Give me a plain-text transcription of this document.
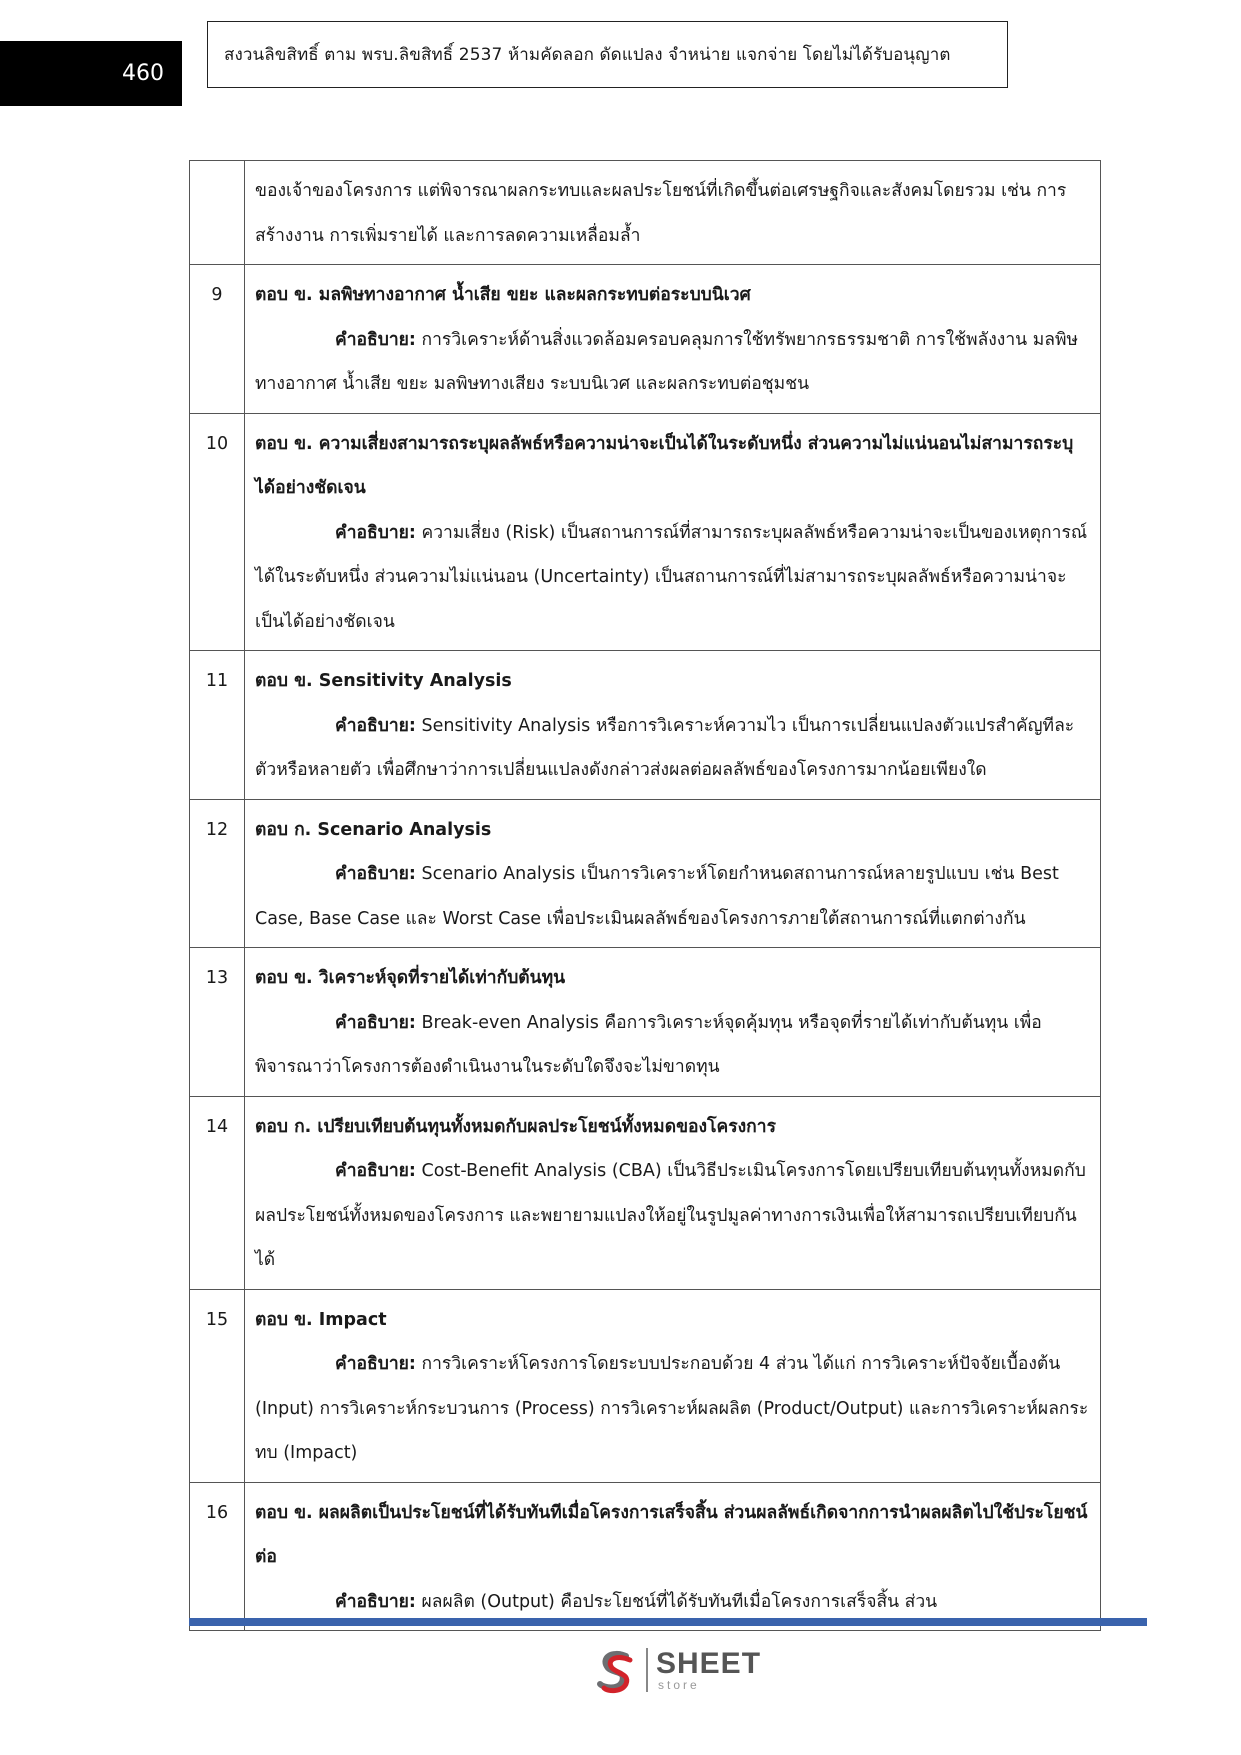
460
สงวนลิขสิทธิ์ ตาม พรบ.ลิขสิทธิ์ 2537 ห้ามคัดลอก ดัดแปลง จำหน่าย แจกจ่าย โดยไม่ได้รับอนุญาต
	ของเจ้าของโครงการ แต่พิจารณาผลกระทบและผลประโยชน์ที่เกิดขึ้นต่อเศรษฐกิจและสังคมโดยรวม เช่น การสร้างงาน การเพิ่มรายได้ และการลดความเหลื่อมล้ำ
9	ตอบ ข. มลพิษทางอากาศ น้ำเสีย ขยะ และผลกระทบต่อระบบนิเวศ
คำอธิบาย: การวิเคราะห์ด้านสิ่งแวดล้อมครอบคลุมการใช้ทรัพยากรธรรมชาติ การใช้พลังงาน มลพิษทางอากาศ น้ำเสีย ขยะ มลพิษทางเสียง ระบบนิเวศ และผลกระทบต่อชุมชน

10	ตอบ ข. ความเสี่ยงสามารถระบุผลลัพธ์หรือความน่าจะเป็นได้ในระดับหนึ่ง ส่วนความไม่แน่นอนไม่สามารถระบุได้อย่างชัดเจน
คำอธิบาย: ความเสี่ยง (Risk) เป็นสถานการณ์ที่สามารถระบุผลลัพธ์หรือความน่าจะเป็นของเหตุการณ์ได้ในระดับหนึ่ง ส่วนความไม่แน่นอน (Uncertainty) เป็นสถานการณ์ที่ไม่สามารถระบุผลลัพธ์หรือความน่าจะเป็นได้อย่างชัดเจน

11	ตอบ ข. Sensitivity Analysis
คำอธิบาย: Sensitivity Analysis หรือการวิเคราะห์ความไว เป็นการเปลี่ยนแปลงตัวแปรสำคัญทีละตัวหรือหลายตัว เพื่อศึกษาว่าการเปลี่ยนแปลงดังกล่าวส่งผลต่อผลลัพธ์ของโครงการมากน้อยเพียงใด

12	ตอบ ก. Scenario Analysis
คำอธิบาย: Scenario Analysis เป็นการวิเคราะห์โดยกำหนดสถานการณ์หลายรูปแบบ เช่น Best Case, Base Case และ Worst Case เพื่อประเมินผลลัพธ์ของโครงการภายใต้สถานการณ์ที่แตกต่างกัน

13	ตอบ ข. วิเคราะห์จุดที่รายได้เท่ากับต้นทุน
คำอธิบาย: Break-even Analysis คือการวิเคราะห์จุดคุ้มทุน หรือจุดที่รายได้เท่ากับต้นทุน เพื่อพิจารณาว่าโครงการต้องดำเนินงานในระดับใดจึงจะไม่ขาดทุน

14	ตอบ ก. เปรียบเทียบต้นทุนทั้งหมดกับผลประโยชน์ทั้งหมดของโครงการ
คำอธิบาย: Cost-Benefit Analysis (CBA) เป็นวิธีประเมินโครงการโดยเปรียบเทียบต้นทุนทั้งหมดกับผลประโยชน์ทั้งหมดของโครงการ และพยายามแปลงให้อยู่ในรูปมูลค่าทางการเงินเพื่อให้สามารถเปรียบเทียบกันได้

15	ตอบ ข. Impact
คำอธิบาย: การวิเคราะห์โครงการโดยระบบประกอบด้วย 4 ส่วน ได้แก่ การวิเคราะห์ปัจจัยเบื้องต้น (Input) การวิเคราะห์กระบวนการ (Process) การวิเคราะห์ผลผลิต (Product/Output) และการวิเคราะห์ผลกระทบ (Impact)

16	ตอบ ข. ผลผลิตเป็นประโยชน์ที่ได้รับทันทีเมื่อโครงการเสร็จสิ้น ส่วนผลลัพธ์เกิดจากการนำผลผลิตไปใช้ประโยชน์ต่อ
คำอธิบาย: ผลผลิต (Output) คือประโยชน์ที่ได้รับทันทีเมื่อโครงการเสร็จสิ้น ส่วน
SHEET
store
